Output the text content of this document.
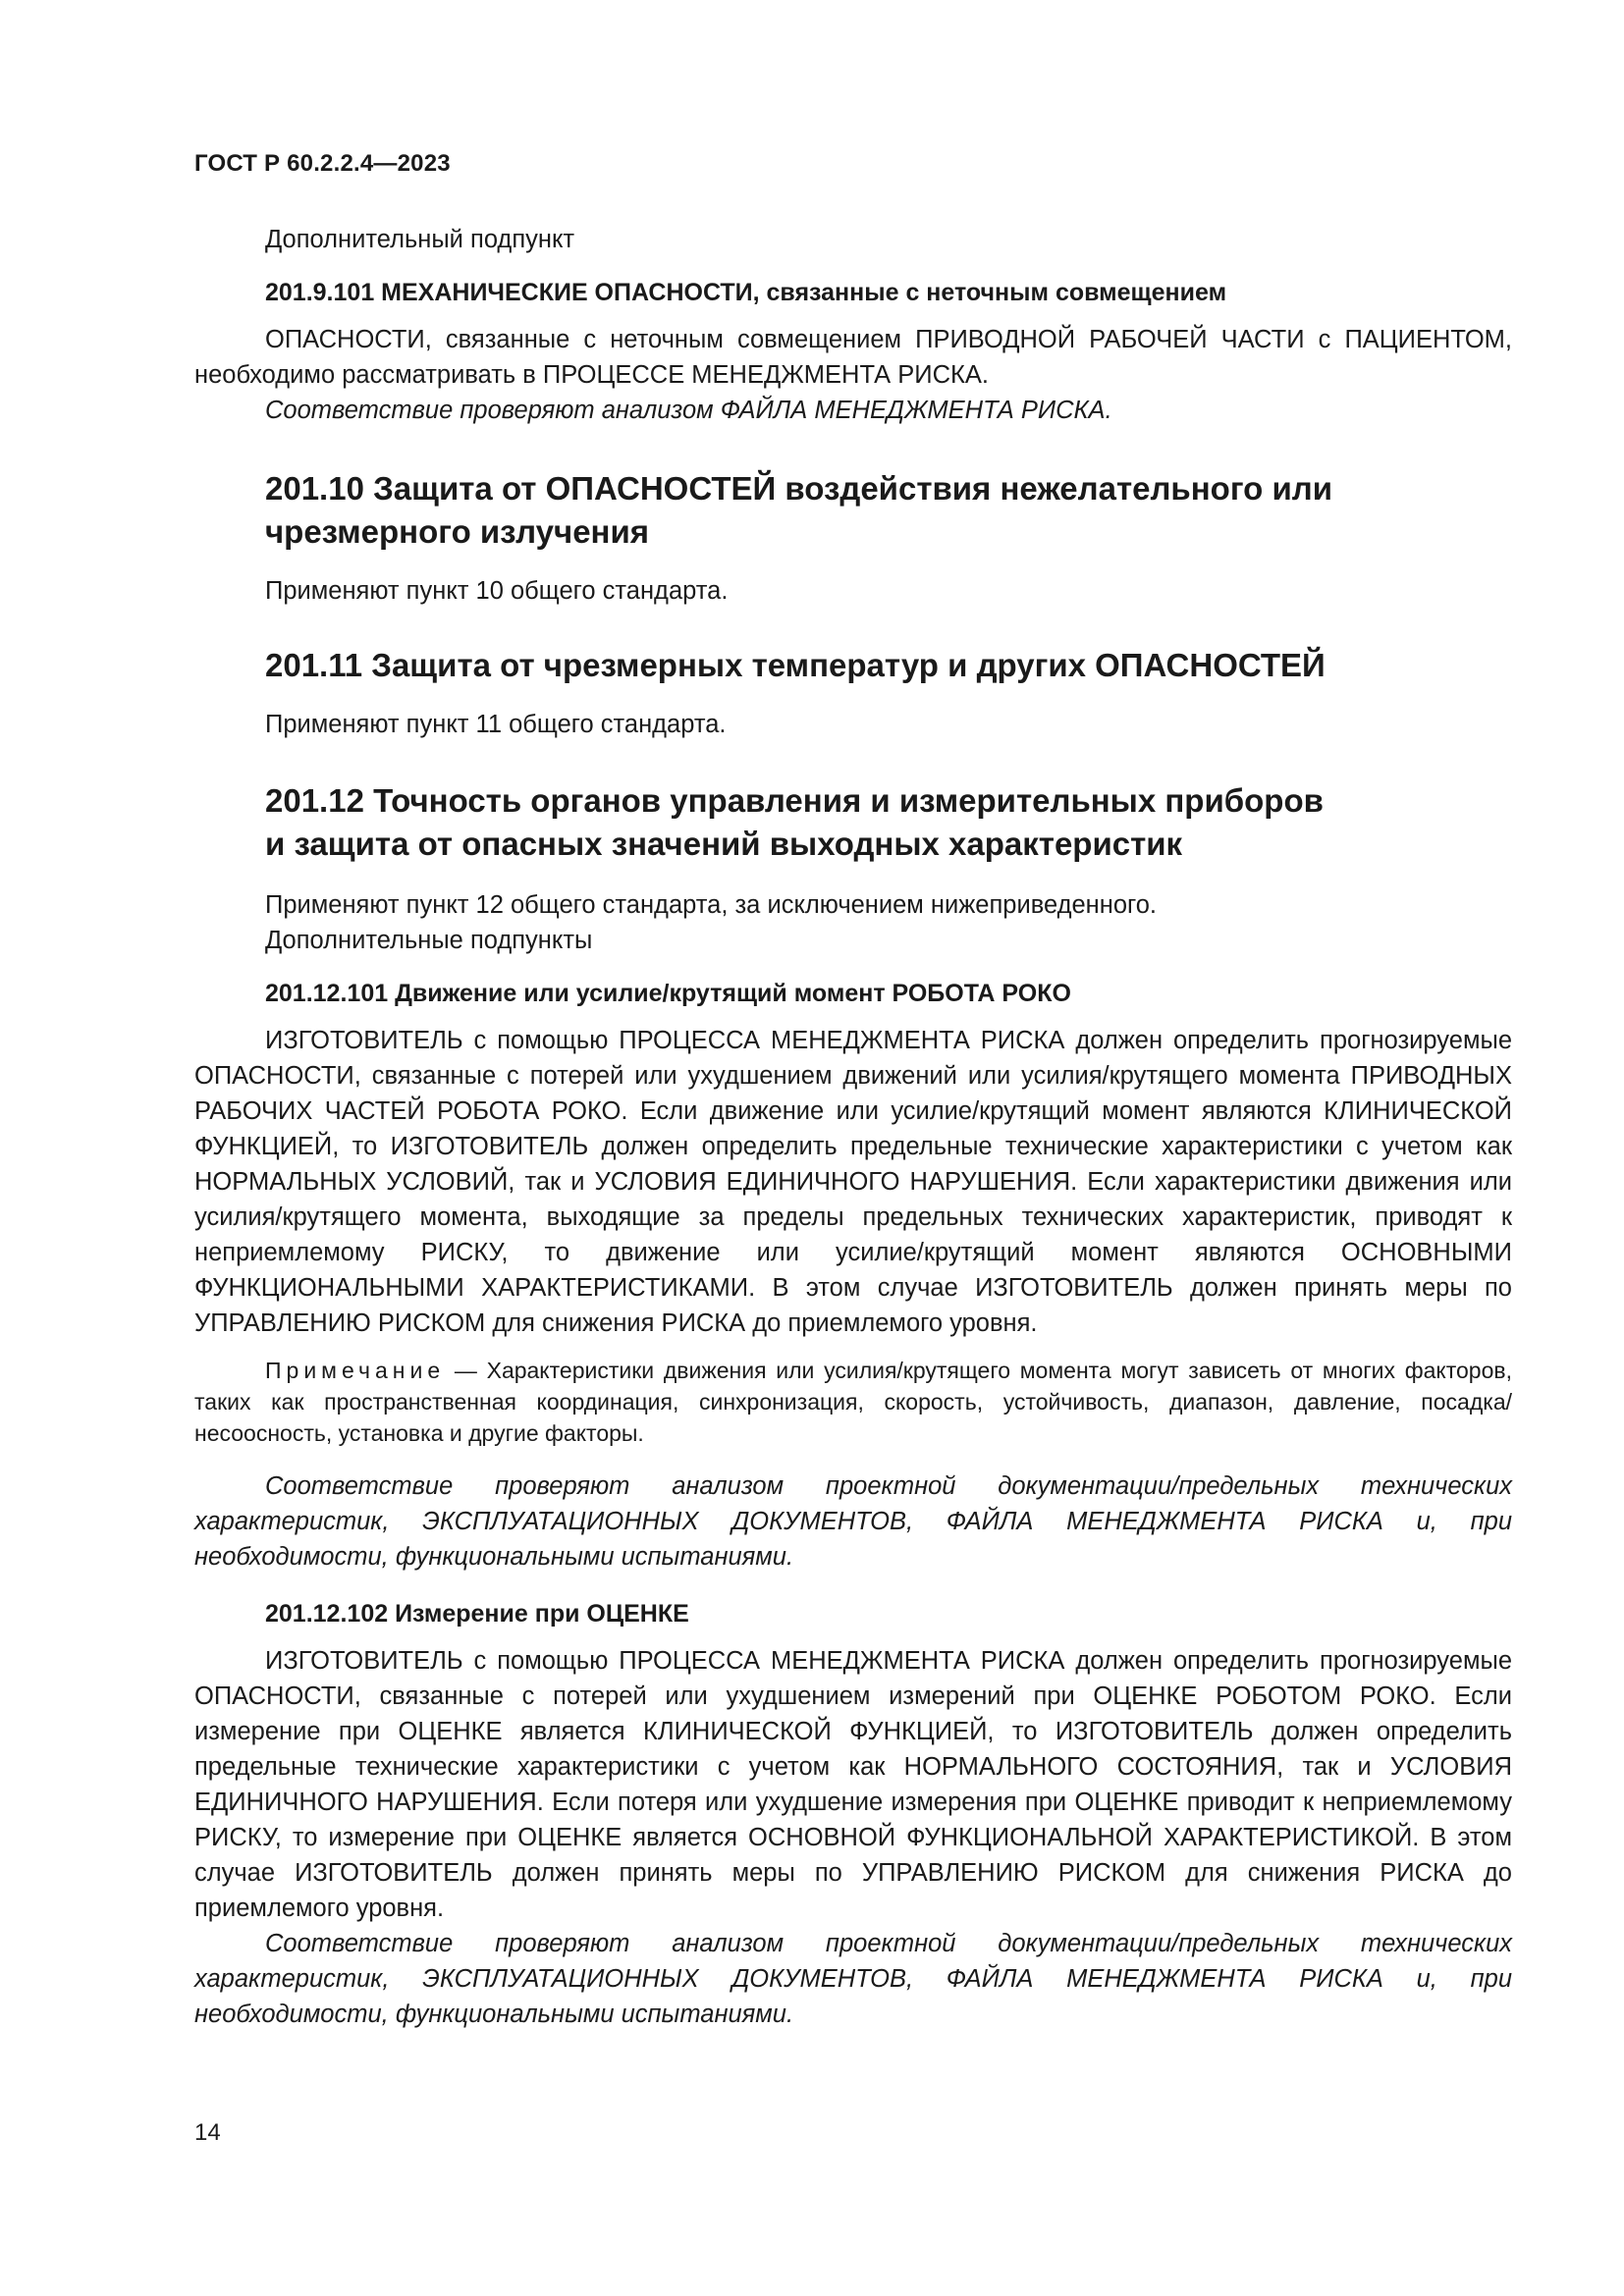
ГОСТ Р 60.2.2.4—2023

Дополнительный подпункт

201.9.101 МЕХАНИЧЕСКИЕ ОПАСНОСТИ, связанные с неточным совмещением

ОПАСНОСТИ, связанные с неточным совмещением ПРИВОДНОЙ РАБОЧЕЙ ЧАСТИ с ПАЦИЕНТОМ, необходимо рассматривать в ПРОЦЕССЕ МЕНЕДЖМЕНТА РИСКА.

Соответствие проверяют анализом ФАЙЛА МЕНЕДЖМЕНТА РИСКА.

201.10 Защита от ОПАСНОСТЕЙ воздействия нежелательного или
чрезмерного излучения

Применяют пункт 10 общего стандарта.

201.11 Защита от чрезмерных температур и других ОПАСНОСТЕЙ

Применяют пункт 11 общего стандарта.

201.12 Точность органов управления и измерительных приборов
и защита от опасных значений выходных характеристик

Применяют пункт 12 общего стандарта, за исключением нижеприведенного.

Дополнительные подпункты

201.12.101 Движение или усилие/крутящий момент РОБОТА РОКО

ИЗГОТОВИТЕЛЬ с помощью ПРОЦЕССА МЕНЕДЖМЕНТА РИСКА должен определить прогнозируемые ОПАСНОСТИ, связанные с потерей или ухудшением движений или усилия/крутящего момента ПРИВОДНЫХ РАБОЧИХ ЧАСТЕЙ РОБОТА РОКО. Если движение или усилие/крутящий момент являются КЛИНИЧЕСКОЙ ФУНКЦИЕЙ, то ИЗГОТОВИТЕЛЬ должен определить предельные технические характеристики с учетом как НОРМАЛЬНЫХ УСЛОВИЙ, так и УСЛОВИЯ ЕДИНИЧНОГО НАРУШЕНИЯ. Если характеристики движения или усилия/крутящего момента, выходящие за пределы предельных технических характеристик, приводят к неприемлемому РИСКУ, то движение или усилие/крутящий момент являются ОСНОВНЫМИ ФУНКЦИОНАЛЬНЫМИ ХАРАКТЕРИСТИКАМИ. В этом случае ИЗГОТОВИТЕЛЬ должен принять меры по УПРАВЛЕНИЮ РИСКОМ для снижения РИСКА до приемлемого уровня.

Примечание — Характеристики движения или усилия/крутящего момента могут зависеть от многих факторов, таких как пространственная координация, синхронизация, скорость, устойчивость, диапазон, давление, посадка/несоосность, установка и другие факторы.

Соответствие проверяют анализом проектной документации/предельных технических характеристик, ЭКСПЛУАТАЦИОННЫХ ДОКУМЕНТОВ, ФАЙЛА МЕНЕДЖМЕНТА РИСКА и, при необходимости, функциональными испытаниями.

201.12.102 Измерение при ОЦЕНКЕ

ИЗГОТОВИТЕЛЬ с помощью ПРОЦЕССА МЕНЕДЖМЕНТА РИСКА должен определить прогнозируемые ОПАСНОСТИ, связанные с потерей или ухудшением измерений при ОЦЕНКЕ РОБОТОМ РОКО. Если измерение при ОЦЕНКЕ является КЛИНИЧЕСКОЙ ФУНКЦИЕЙ, то ИЗГОТОВИТЕЛЬ должен определить предельные технические характеристики с учетом как НОРМАЛЬНОГО СОСТОЯНИЯ, так и УСЛОВИЯ ЕДИНИЧНОГО НАРУШЕНИЯ. Если потеря или ухудшение измерения при ОЦЕНКЕ приводит к неприемлемому РИСКУ, то измерение при ОЦЕНКЕ является ОСНОВНОЙ ФУНКЦИОНАЛЬНОЙ ХАРАКТЕРИСТИКОЙ. В этом случае ИЗГОТОВИТЕЛЬ должен принять меры по УПРАВЛЕНИЮ РИСКОМ для снижения РИСКА до приемлемого уровня.

Соответствие проверяют анализом проектной документации/предельных технических характеристик, ЭКСПЛУАТАЦИОННЫХ ДОКУМЕНТОВ, ФАЙЛА МЕНЕДЖМЕНТА РИСКА и, при необходимости, функциональными испытаниями.

14
